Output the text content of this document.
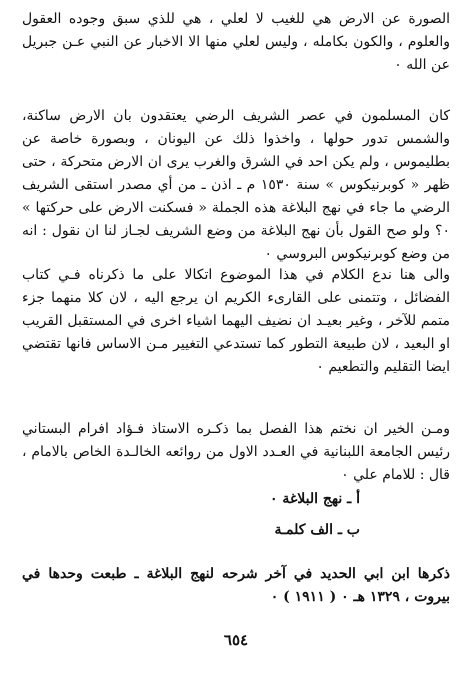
الصورة عن الارض هي للغيب لا لعلي ، هي للذي سبق وجوده العقول والعلوم ، والكون بكامله ، وليس لعلي منها الا الاخبار عن النبي عـن جبريل عن الله ٠

كان المسلمون في عصر الشريف الرضي يعتقدون بان الارض ساكنة، والشمس تدور حولها ، واخذوا ذلك عن اليونان ، وبصورة خاصة عن بطليموس ، ولم يكن احد في الشرق والغرب يرى ان الارض متحركة ، حتى ظهر « كوبرنيكوس » سنة ١٥٣٠ م ـ اذن ـ من أي مصدر استقى الشريف الرضي ما جاء في نهج البلاغة هذه الجملة « فسكنت الارض على حركتها » ٠؟ ولو صح القول بأن نهج البلاغة من وضع الشريف لجـاز لنا ان نقول : انه من وضع كوبرنيكوس البروسي ٠

والى هنا ندع الكلام في هذا الموضوع اتكالا على ما ذكرناه فـي كتاب الفضائل ، وتتمنى على القارىء الكريم ان يرجع اليه ، لان كلا منهما جزء متمم للآخر ، وغير بعيـد ان نضيف اليهما اشياء اخرى في المستقبل القريب او البعيد ، لان طبيعة التطور كما تستدعي التغيير مـن الاساس فانها تقتضي ايضا التقليم والتطعيم ٠

ومـن الخير ان نختم هذا الفصل بما ذكـره الاستاذ فـؤاد افرام البستاني رئيس الجامعة اللبنانية في العـدد الاول من روائعه الخالـدة الخاص بالامام ، قال : للامام علي ٠

أ ـ نهج البلاغة ٠

ب ـ الف كلمـة

ذكرها ابن ابي الحديد في آخر شرحه لنهج البلاغة ـ طبعت وحدها في بيروت ، ١٣٢٩ هـ ٠ ( ١٩١١ ) ٠

٦٥٤
